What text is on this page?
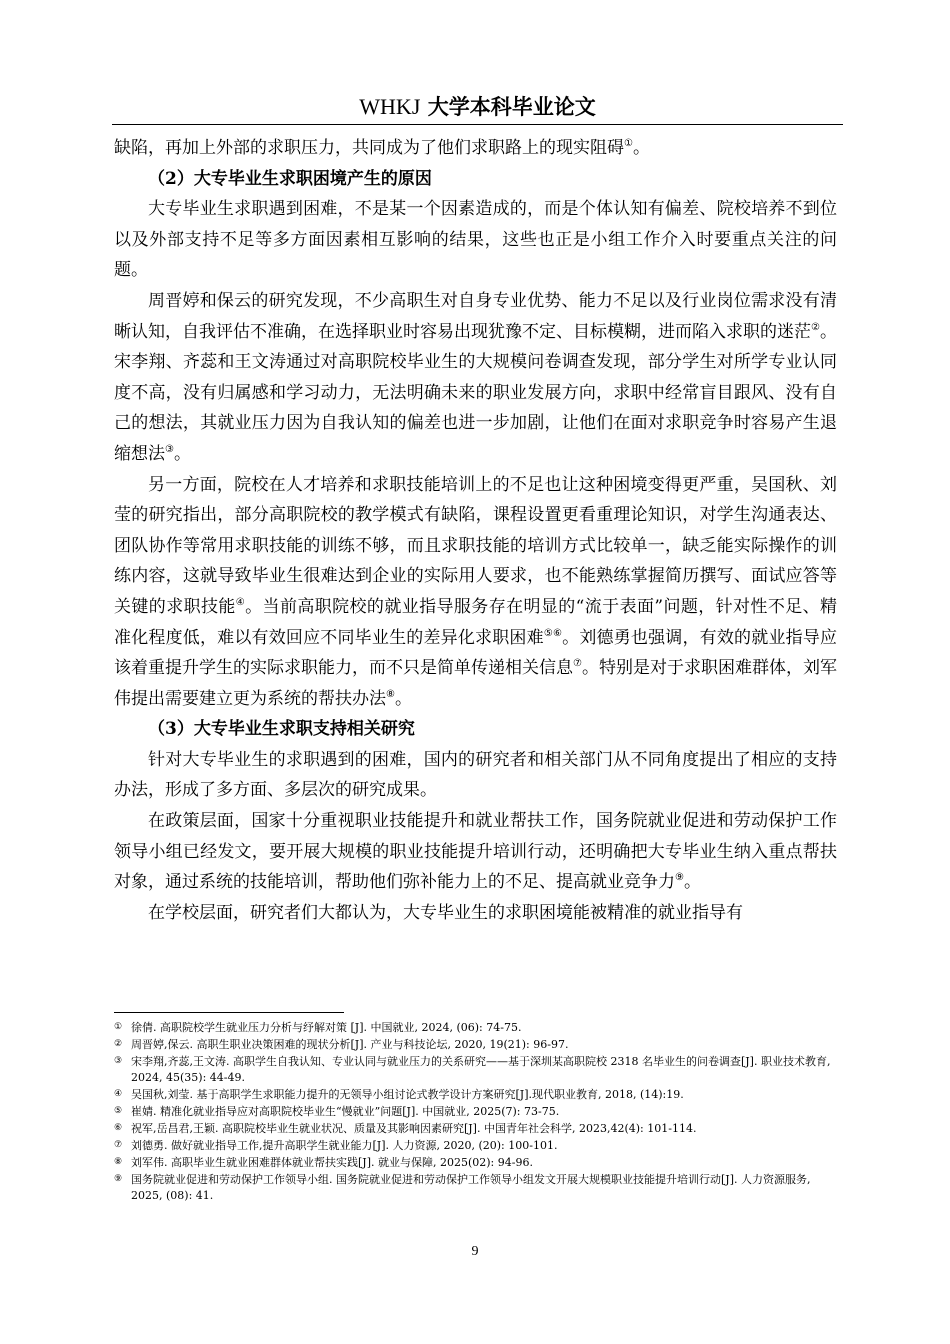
WHKJ 大学本科毕业论文

缺陷，再加上外部的求职压力，共同成为了他们求职路上的现实阻碍①。

（2）大专毕业生求职困境产生的原因

大专毕业生求职遇到困难，不是某一个因素造成的，而是个体认知有偏差、院校培养不到位以及外部支持不足等多方面因素相互影响的结果，这些也正是小组工作介入时要重点关注的问题。

周晋婷和保云的研究发现，不少高职生对自身专业优势、能力不足以及行业岗位需求没有清晰认知，自我评估不准确，在选择职业时容易出现犹豫不定、目标模糊，进而陷入求职的迷茫②。宋李翔、齐蕊和王文涛通过对高职院校毕业生的大规模问卷调查发现，部分学生对所学专业认同度不高，没有归属感和学习动力，无法明确未来的职业发展方向，求职中经常盲目跟风、没有自己的想法，其就业压力因为自我认知的偏差也进一步加剧，让他们在面对求职竞争时容易产生退缩想法③。

另一方面，院校在人才培养和求职技能培训上的不足也让这种困境变得更严重，吴国秋、刘莹的研究指出，部分高职院校的教学模式有缺陷，课程设置更看重理论知识，对学生沟通表达、团队协作等常用求职技能的训练不够，而且求职技能的培训方式比较单一，缺乏能实际操作的训练内容，这就导致毕业生很难达到企业的实际用人要求，也不能熟练掌握简历撰写、面试应答等关键的求职技能④。当前高职院校的就业指导服务存在明显的“流于表面”问题，针对性不足、精准化程度低，难以有效回应不同毕业生的差异化求职困难⑤⑥。刘德勇也强调，有效的就业指导应该着重提升学生的实际求职能力，而不只是简单传递相关信息⑦。特别是对于求职困难群体，刘军伟提出需要建立更为系统的帮扶办法⑧。

（3）大专毕业生求职支持相关研究

针对大专毕业生的求职遇到的困难，国内的研究者和相关部门从不同角度提出了相应的支持办法，形成了多方面、多层次的研究成果。

在政策层面，国家十分重视职业技能提升和就业帮扶工作，国务院就业促进和劳动保护工作领导小组已经发文，要开展大规模的职业技能提升培训行动，还明确把大专毕业生纳入重点帮扶对象，通过系统的技能培训，帮助他们弥补能力上的不足、提高就业竞争力⑨。

在学校层面，研究者们大都认为，大专毕业生的求职困境能被精准的就业指导有

① 徐倩. 高职院校学生就业压力分析与纾解对策 [J]. 中国就业, 2024, (06): 74-75.

② 周晋婷,保云. 高职生职业决策困难的现状分析[J]. 产业与科技论坛, 2020, 19(21): 96-97.

③ 宋李翔,齐蕊,王文涛. 高职学生自我认知、专业认同与就业压力的关系研究——基于深圳某高职院校 2318 名毕业生的问卷调查[J]. 职业技术教育, 2024, 45(35): 44-49.

④ 吴国秋,刘莹. 基于高职学生求职能力提升的无领导小组讨论式教学设计方案研究[J].现代职业教育, 2018, (14):19.

⑤ 崔婧. 精准化就业指导应对高职院校毕业生“慢就业”问题[J]. 中国就业, 2025(7): 73-75.

⑥ 祝军,岳昌君,王颖. 高职院校毕业生就业状况、质量及其影响因素研究[J]. 中国青年社会科学, 2023,42(4): 101-114.

⑦ 刘德勇. 做好就业指导工作,提升高职学生就业能力[J]. 人力资源, 2020, (20): 100-101.

⑧ 刘军伟. 高职毕业生就业困难群体就业帮扶实践[J]. 就业与保障, 2025(02): 94-96.

⑨ 国务院就业促进和劳动保护工作领导小组. 国务院就业促进和劳动保护工作领导小组发文开展大规模职业技能提升培训行动[J]. 人力资源服务, 2025, (08): 41.

9
